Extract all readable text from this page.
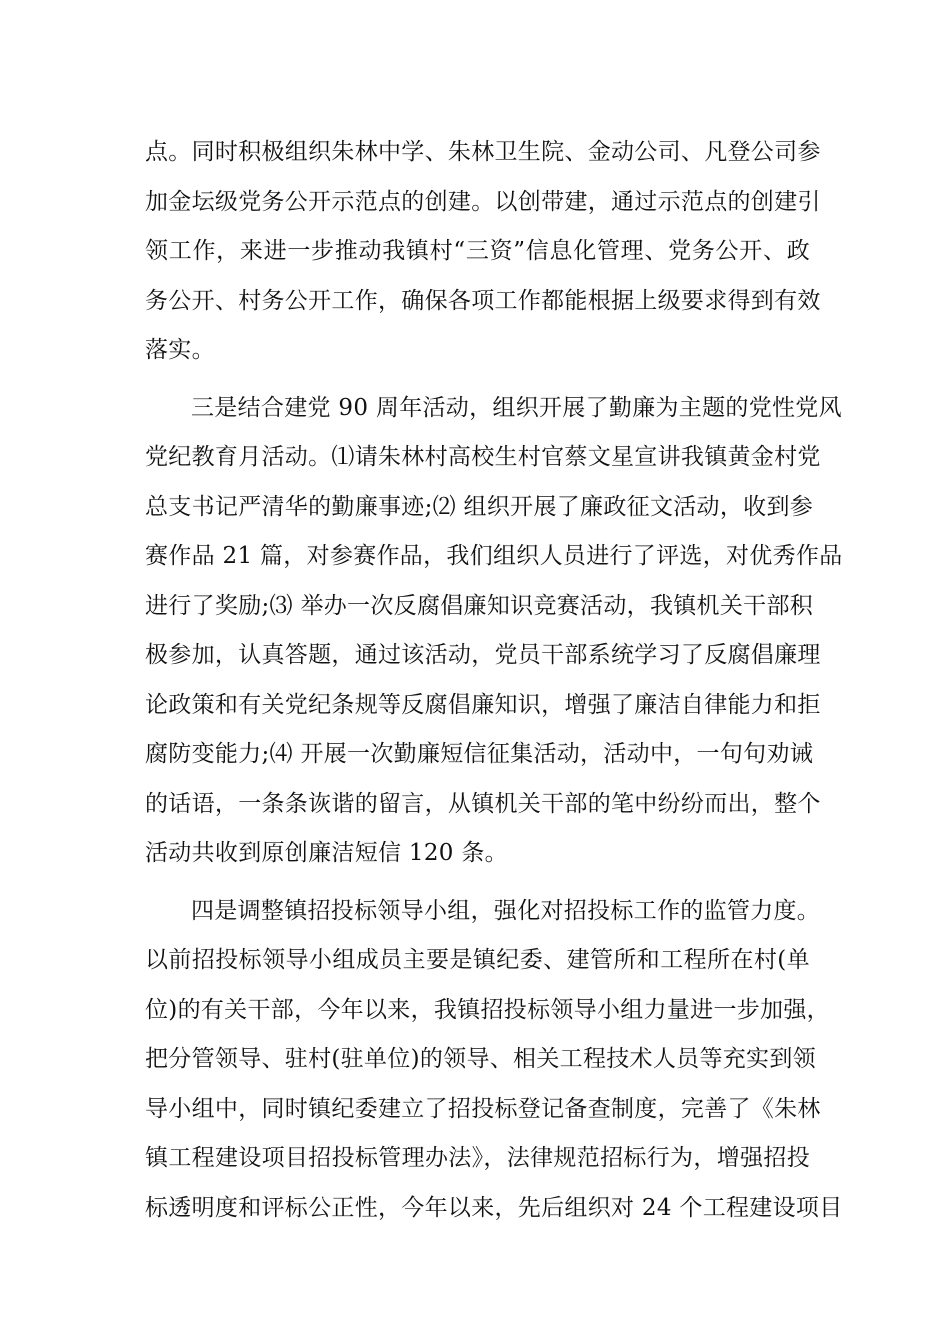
点。同时积极组织朱林中学、朱林卫生院、金动公司、凡登公司参
加金坛级党务公开示范点的创建。以创带建，通过示范点的创建引
领工作，来进一步推动我镇村“三资”信息化管理、党务公开、政
务公开、村务公开工作，确保各项工作都能根据上级要求得到有效
落实。
三是结合建党 90 周年活动，组织开展了勤廉为主题的党性党风
党纪教育月活动。⑴请朱林村高校生村官蔡文星宣讲我镇黄金村党
总支书记严清华的勤廉事迹;⑵ 组织开展了廉政征文活动，收到参
赛作品 21 篇，对参赛作品，我们组织人员进行了评选，对优秀作品
进行了奖励;⑶ 举办一次反腐倡廉知识竞赛活动，我镇机关干部积
极参加，认真答题，通过该活动，党员干部系统学习了反腐倡廉理
论政策和有关党纪条规等反腐倡廉知识，增强了廉洁自律能力和拒
腐防变能力;⑷ 开展一次勤廉短信征集活动，活动中，一句句劝诫
的话语，一条条诙谐的留言，从镇机关干部的笔中纷纷而出，整个
活动共收到原创廉洁短信 120 条。
四是调整镇招投标领导小组，强化对招投标工作的监管力度。
以前招投标领导小组成员主要是镇纪委、建管所和工程所在村(单
位)的有关干部，今年以来，我镇招投标领导小组力量进一步加强，
把分管领导、驻村(驻单位)的领导、相关工程技术人员等充实到领
导小组中，同时镇纪委建立了招投标登记备查制度，完善了《朱林
镇工程建设项目招投标管理办法》，法律规范招标行为，增强招投
标透明度和评标公正性，今年以来，先后组织对 24 个工程建设项目
